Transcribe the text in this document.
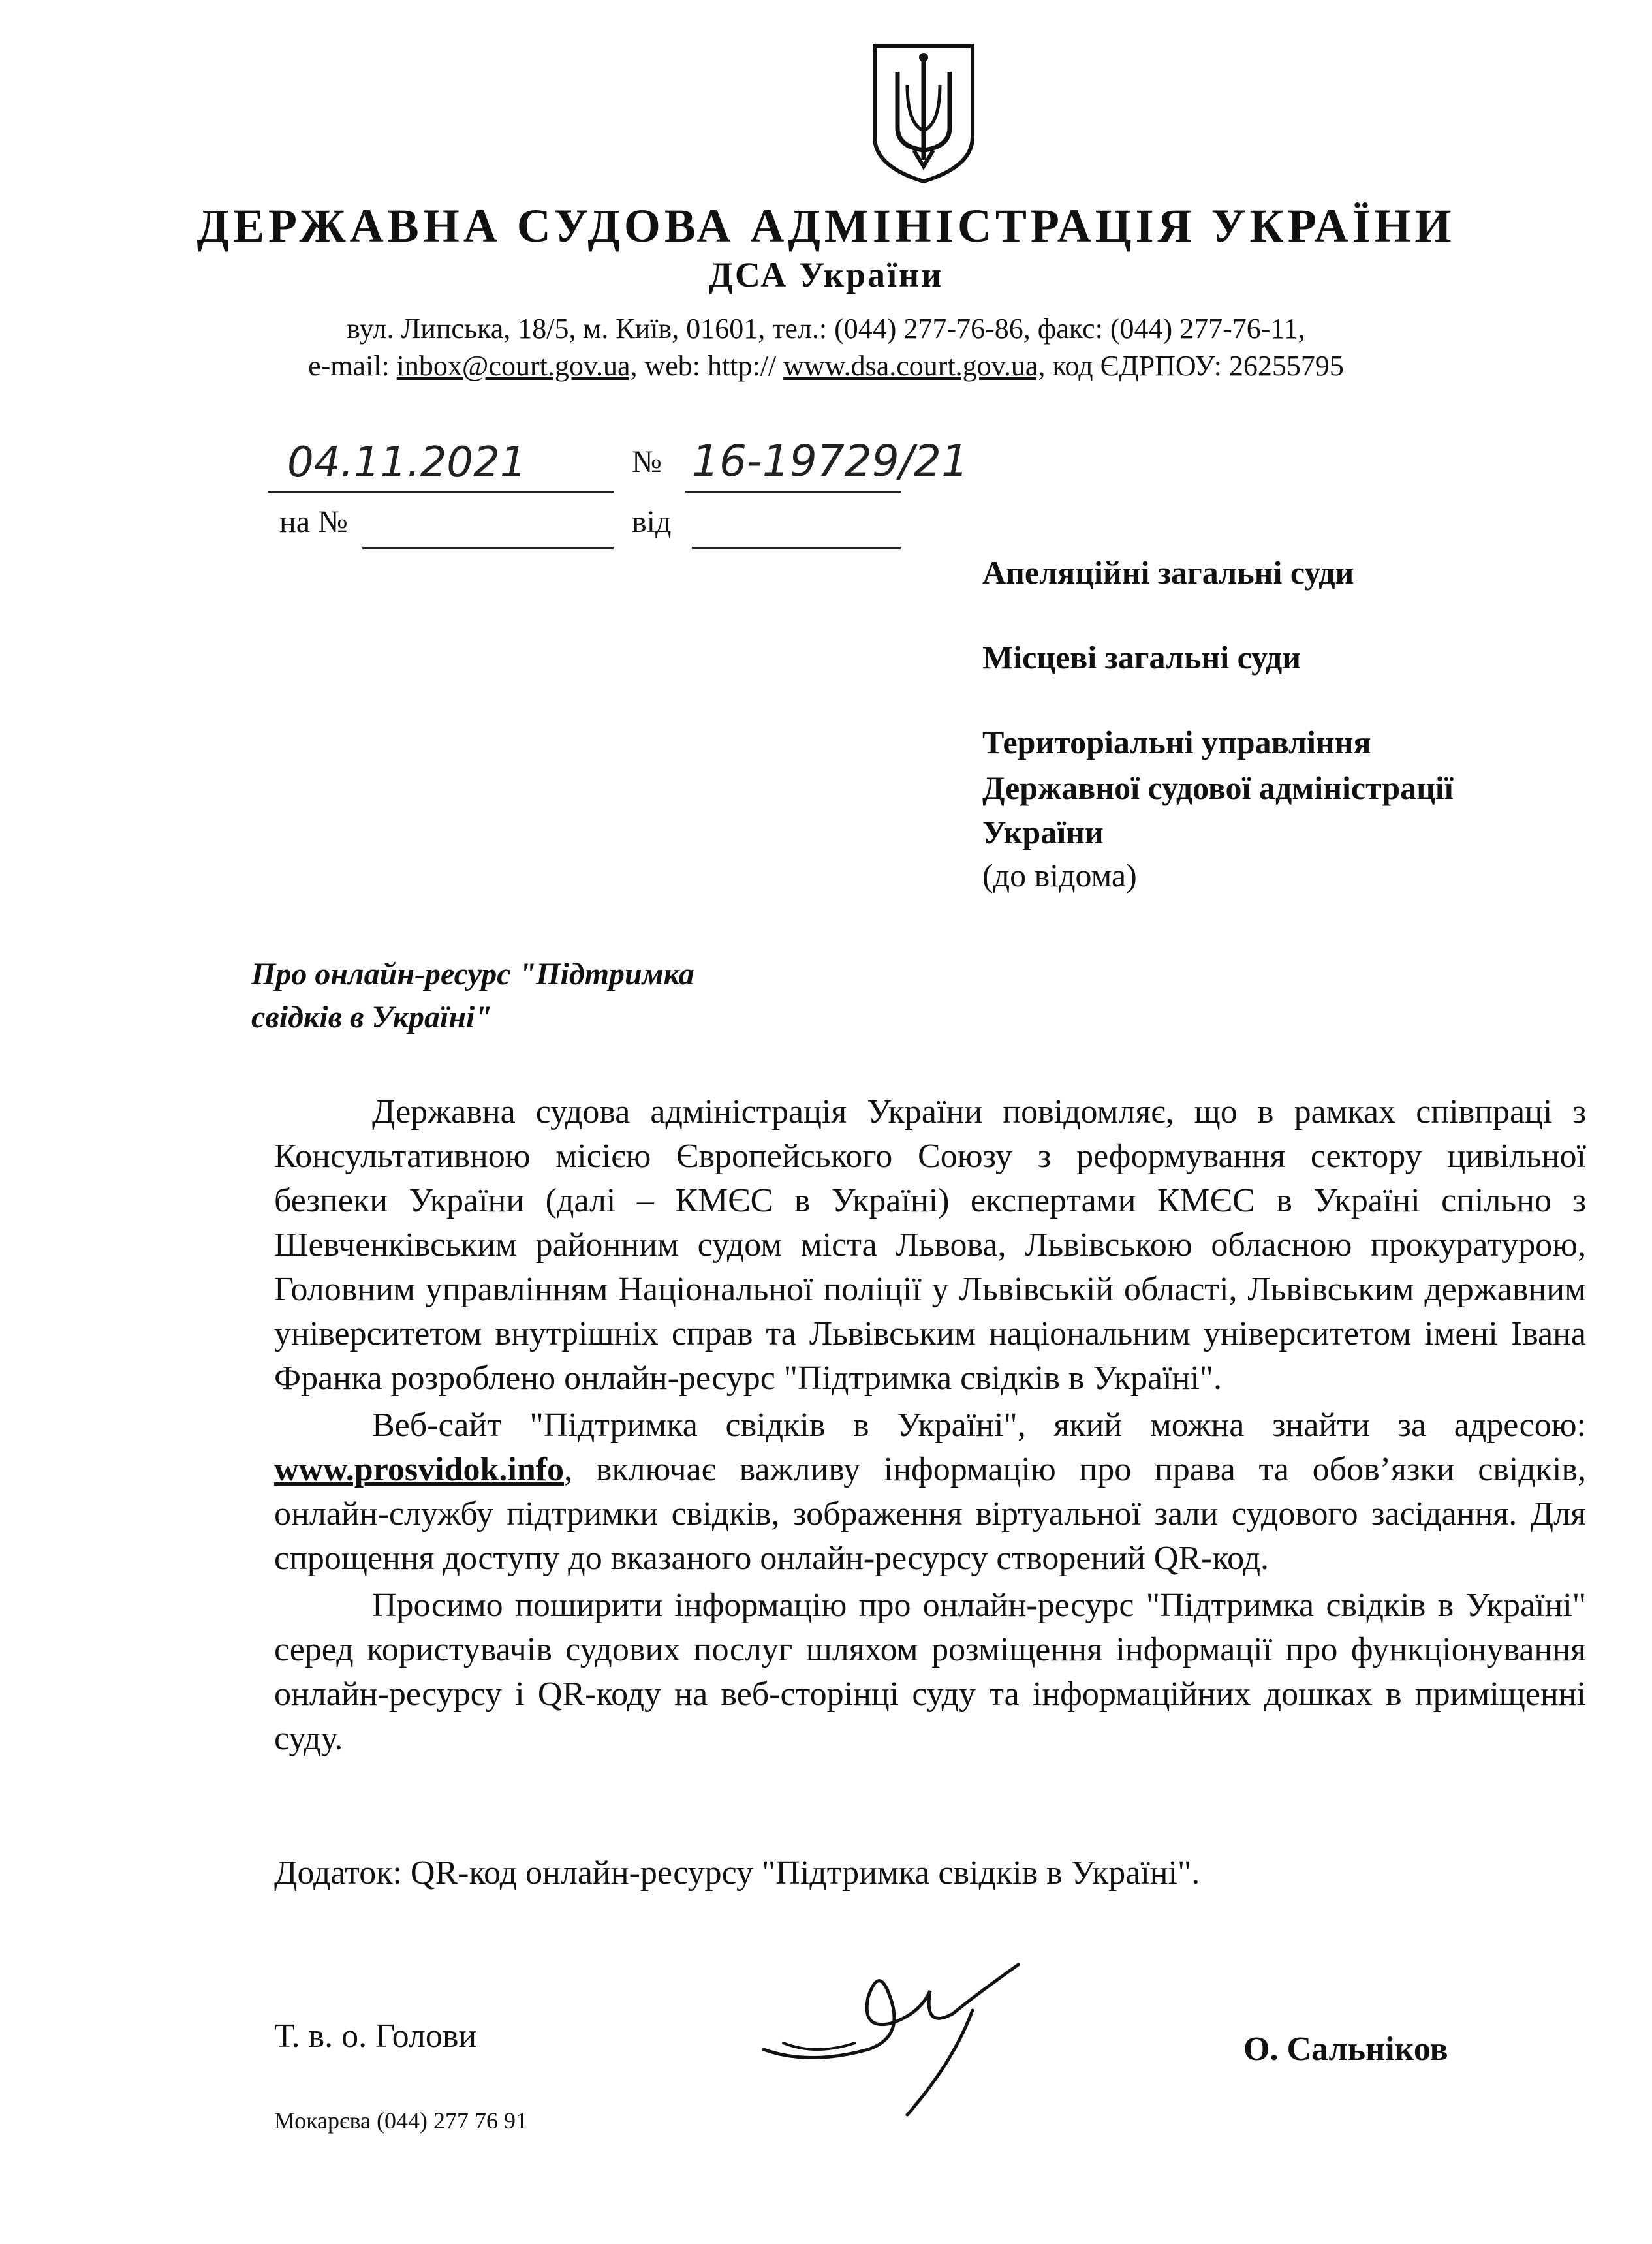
ДЕРЖАВНА СУДОВА АДМІНІСТРАЦІЯ УКРАЇНИ
ДСА України
вул. Липська, 18/5, м. Київ, 01601, тел.: (044) 277-76-86, факс: (044) 277-76-11,
e-mail: inbox@court.gov.ua, web: http:// www.dsa.court.gov.ua, код ЄДРПОУ: 26255795
04.11.2021	№ 16-19729/21
на №	від
Апеляційні загальні суди
Місцеві загальні суди
Територіальні управління
Державної судової адміністрації
України
(до відома)
Про онлайн-ресурс "Підтримка
свідків в Україні"

Державна судова адміністрація України повідомляє, що в рамках співпраці з Консультативною місією Європейського Союзу з реформування сектору цивільної безпеки України (далі – КМЄС в Україні) експертами КМЄС в Україні спільно з Шевченківським районним судом міста Львова, Львівською обласною прокуратурою, Головним управлінням Національної поліції у Львівській області, Львівським державним університетом внутрішніх справ та Львівським національним університетом імені Івана Франка розроблено онлайн-ресурс "Підтримка свідків в Україні".

Веб-сайт "Підтримка свідків в Україні", який можна знайти за адресою: www.prosvidok.info, включає важливу інформацію про права та обов’язки свідків, онлайн-службу підтримки свідків, зображення віртуальної зали судового засідання. Для спрощення доступу до вказаного онлайн-ресурсу створений QR-код.

Просимо поширити інформацію про онлайн-ресурс "Підтримка свідків в Україні" серед користувачів судових послуг шляхом розміщення інформації про функціонування онлайн-ресурсу і QR-коду на веб-сторінці суду та інформаційних дошках в приміщенні суду.

Додаток: QR-код онлайн-ресурсу "Підтримка свідків в Україні".
Т. в. о. Голови	О. Сальніков
Мокарєва (044) 277 76 91
